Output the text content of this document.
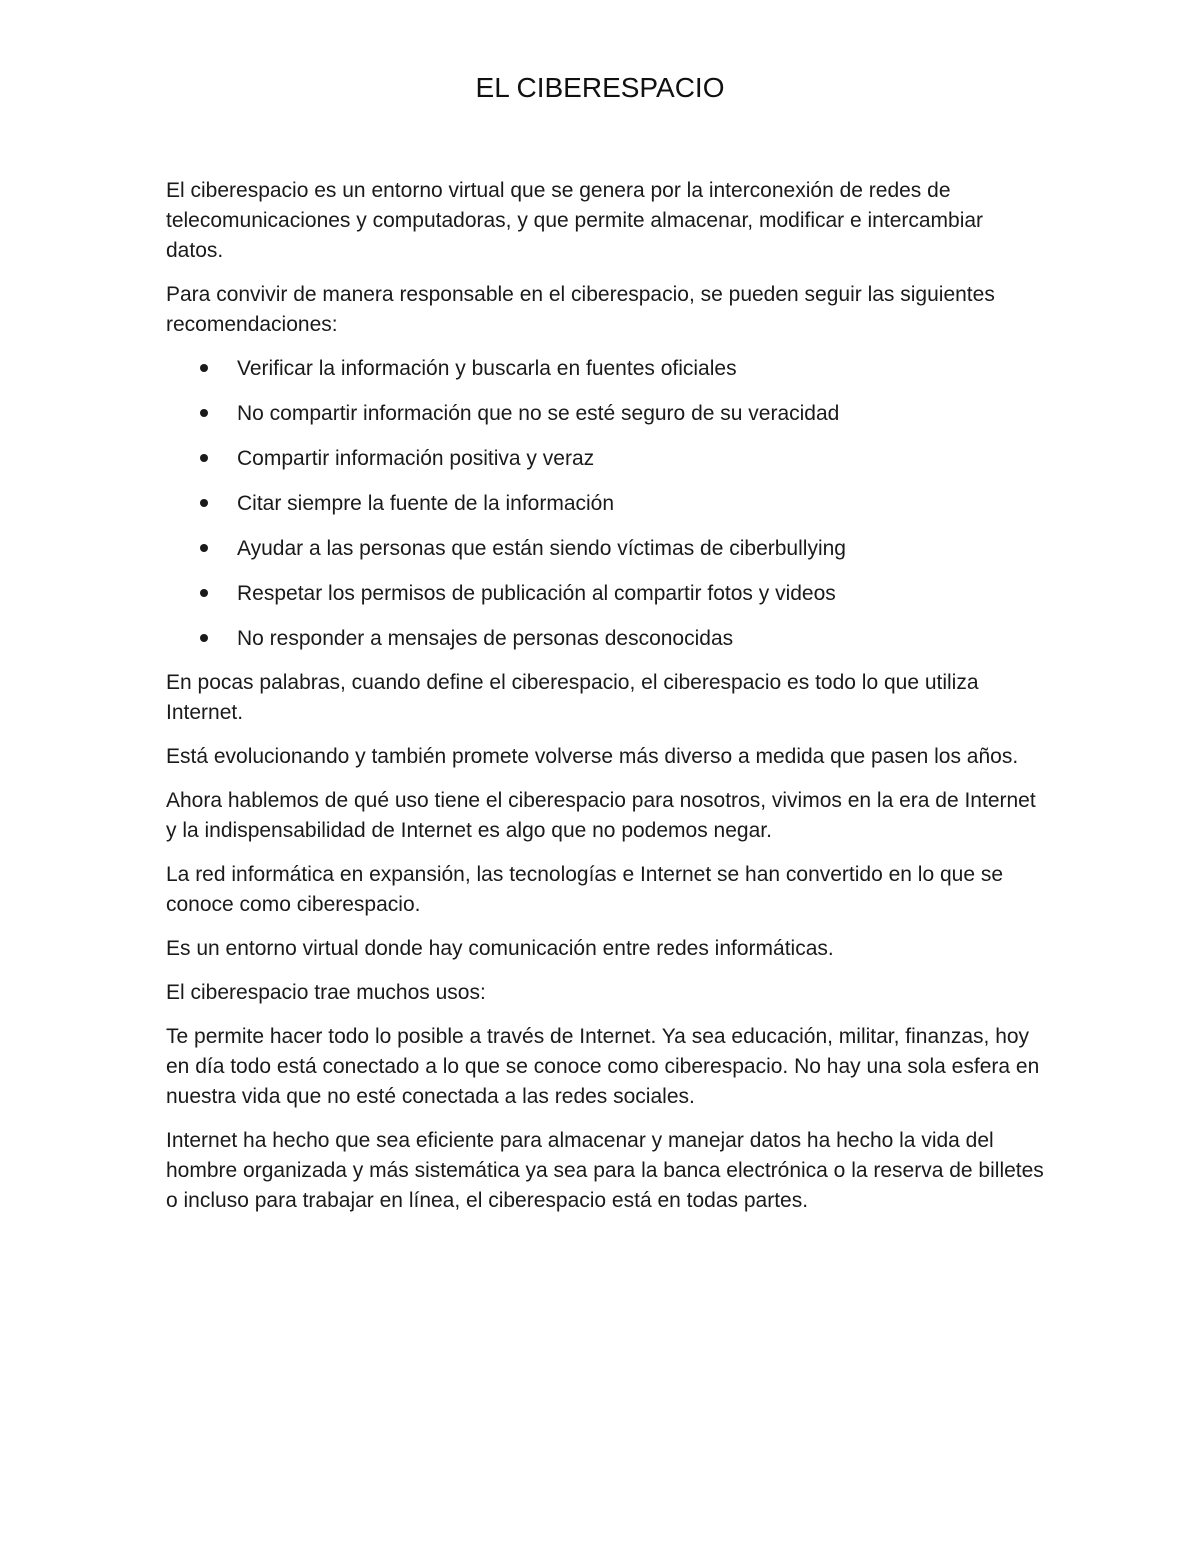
EL CIBERESPACIO

El ciberespacio es un entorno virtual que se genera por la interconexión de redes de telecomunicaciones y computadoras, y que permite almacenar, modificar e intercambiar datos.

Para convivir de manera responsable en el ciberespacio, se pueden seguir las siguientes recomendaciones:

Verificar la información y buscarla en fuentes oficiales
No compartir información que no se esté seguro de su veracidad
Compartir información positiva y veraz
Citar siempre la fuente de la información
Ayudar a las personas que están siendo víctimas de ciberbullying
Respetar los permisos de publicación al compartir fotos y videos
No responder a mensajes de personas desconocidas

En pocas palabras, cuando define el ciberespacio, el ciberespacio es todo lo que utiliza Internet.

Está evolucionando y también promete volverse más diverso a medida que pasen los años.

Ahora hablemos de qué uso tiene el ciberespacio para nosotros, vivimos en la era de Internet y la indispensabilidad de Internet es algo que no podemos negar.

La red informática en expansión, las tecnologías e Internet se han convertido en lo que se conoce como ciberespacio.

Es un entorno virtual donde hay comunicación entre redes informáticas.

El ciberespacio trae muchos usos:

Te permite hacer todo lo posible a través de Internet. Ya sea educación, militar, finanzas, hoy en día todo está conectado a lo que se conoce como ciberespacio. No hay una sola esfera en nuestra vida que no esté conectada a las redes sociales.

Internet ha hecho que sea eficiente para almacenar y manejar datos ha hecho la vida del hombre organizada y más sistemática ya sea para la banca electrónica o la reserva de billetes o incluso para trabajar en línea, el ciberespacio está en todas partes.
